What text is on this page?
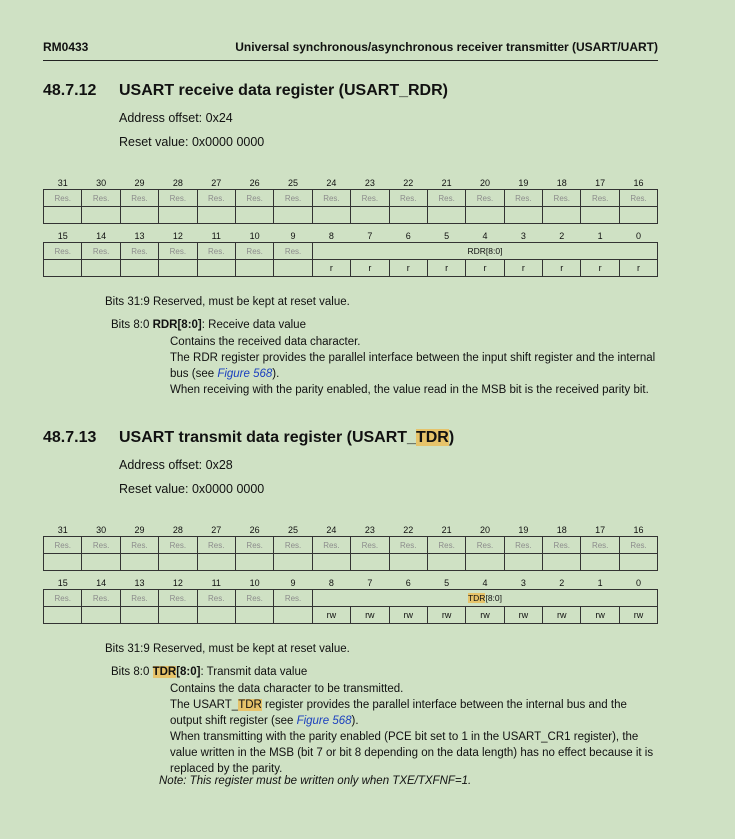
RM0433	Universal synchronous/asynchronous receiver transmitter (USART/UART)
48.7.12 USART receive data register (USART_RDR)
Address offset: 0x24
Reset value: 0x0000 0000
31	30	29	28	27	26	25	24	23	22	21	20	19	18	17	16
Res.	Res.	Res.	Res.	Res.	Res.	Res.	Res.	Res.	Res.	Res.	Res.	Res.	Res.	Res.	Res.

15	14	13	12	11	10	9	8	7	6	5	4	3	2	1	0
Res.	Res.	Res.	Res.	Res.	Res.	Res.	RDR[8:0]								
							r	r	r	r	r	r	r	r	r
Bits 31:9 Reserved, must be kept at reset value.
Bits 8:0 RDR[8:0]: Receive data value
Contains the received data character.
The RDR register provides the parallel interface between the input shift register and the internal bus (see Figure 568).
When receiving with the parity enabled, the value read in the MSB bit is the received parity bit.
48.7.13 USART transmit data register (USART_TDR)
Address offset: 0x28
Reset value: 0x0000 0000
31	30	29	28	27	26	25	24	23	22	21	20	19	18	17	16
Res.	Res.	Res.	Res.	Res.	Res.	Res.	Res.	Res.	Res.	Res.	Res.	Res.	Res.	Res.	Res.

15	14	13	12	11	10	9	8	7	6	5	4	3	2	1	0
Res.	Res.	Res.	Res.	Res.	Res.	Res.	TDR[8:0]								
							rw	rw	rw	rw	rw	rw	rw	rw	rw
Bits 31:9 Reserved, must be kept at reset value.
Bits 8:0 TDR[8:0]: Transmit data value
Contains the data character to be transmitted.
The USART_TDR register provides the parallel interface between the internal bus and the output shift register (see Figure 568).
When transmitting with the parity enabled (PCE bit set to 1 in the USART_CR1 register), the value written in the MSB (bit 7 or bit 8 depending on the data length) has no effect because it is replaced by the parity.
Note: This register must be written only when TXE/TXFNF=1.
